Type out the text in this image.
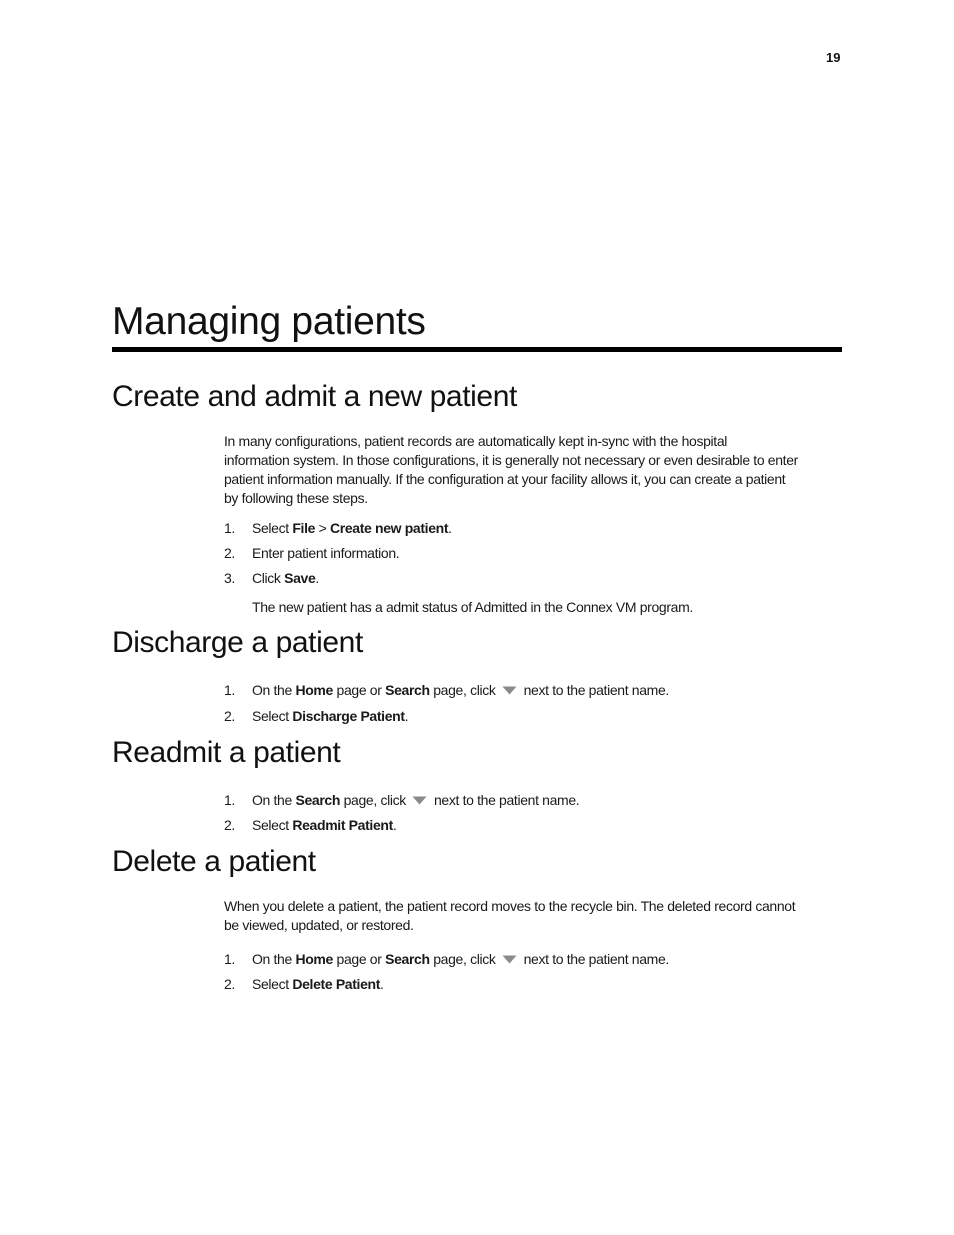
19
Managing patients
Create and admit a new patient

In many configurations, patient records are automatically kept in-sync with the hospital
information system. In those configurations, it is generally not necessary or even desirable to enter
patient information manually. If the configuration at your facility allows it, you can create a patient
by following these steps.

1. Select File > Create new patient.
2. Enter patient information.
3. Click Save.
The new patient has a admit status of Admitted in the Connex VM program.
Discharge a patient
1. On the Home page or Search page, click  next to the patient name.
2. Select Discharge Patient.
Readmit a patient
1. On the Search page, click  next to the patient name.
2. Select Readmit Patient.
Delete a patient

When you delete a patient, the patient record moves to the recycle bin. The deleted record cannot
be viewed, updated, or restored.

1. On the Home page or Search page, click  next to the patient name.
2. Select Delete Patient.
